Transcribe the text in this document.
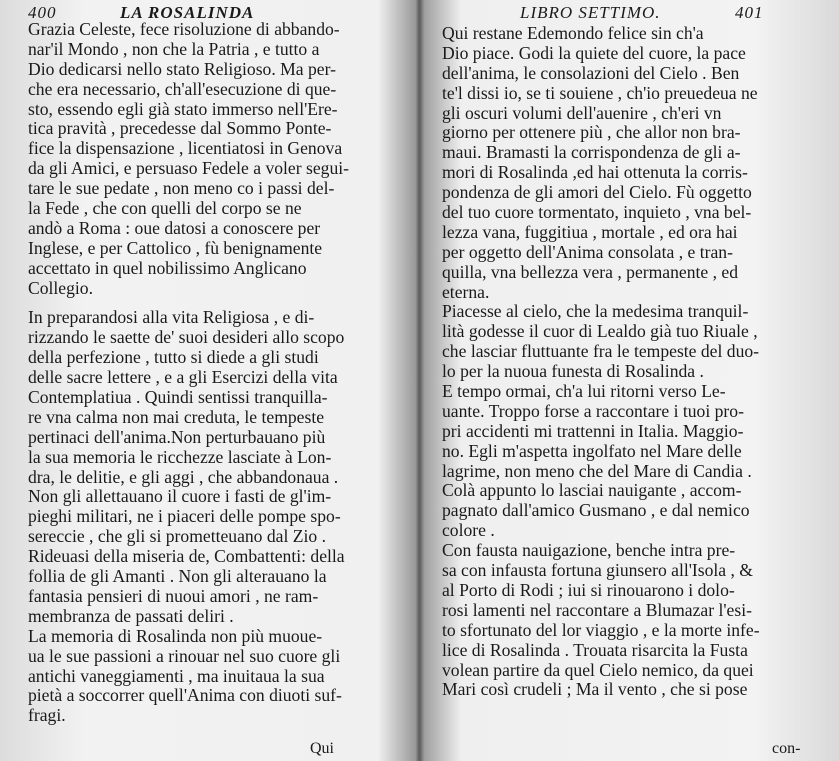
400	LA ROSALINDA
Grazia Celeste, fece risoluzione di abbando-
nar'il Mondo , non che la Patria , e tutto a
Dio dedicarsi nello stato Religioso. Ma per-
che era necessario, ch'all'esecuzione di que-
sto, essendo egli già stato immerso nell'Ere-
tica pravità , precedesse dal Sommo Ponte-
fice la dispensazione , licentiatosi in Genova
da gli Amici, e persuaso Fedele a voler segui-
tare le sue pedate , non meno co i passi del-
la Fede , che con quelli del corpo se ne
andò a Roma : oue datosi a conoscere per
Inglese, e per Cattolico , fù benignamente
accettato in quel nobilissimo Anglicano
Collegio.
In preparandosi alla vita Religiosa , e di-
rizzando le saette de' suoi desideri allo scopo
della perfezione , tutto si diede a gli studi
delle sacre lettere , e a gli Esercizi della vita
Contemplatiua . Quindi sentissi tranquilla-
re vna calma non mai creduta, le tempeste
pertinaci dell'anima.Non perturbauano più
la sua memoria le ricchezze lasciate à Lon-
dra, le delitie, e gli aggi , che abbandonaua .
Non gli allettauano il cuore i fasti de gl'im-
pieghi militari, ne i piaceri delle pompe spo-
sereccie , che gli si prometteuano dal Zio .
Rideuasi della miseria de, Combattenti: della
follia de gli Amanti . Non gli alterauano la
fantasia pensieri di nuoui amori , ne ram-
membranza de passati deliri .
La memoria di Rosalinda non più muoue-
ua le sue passioni a rinouar nel suo cuore gli
antichi vaneggiamenti , ma inuitaua la sua
pietà a soccorrer quell'Anima con diuoti suf-
fragi.
Qui
LIBRO SETTIMO.	401
Qui restane Edemondo felice sin ch'a
Dio piace. Godi la quiete del cuore, la pace
dell'anima, le consolazioni del Cielo . Ben
te'l dissi io, se ti souiene , ch'io preuedeua ne
gli oscuri volumi dell'auenire , ch'eri vn
giorno per ottenere più , che allor non bra-
maui. Bramasti la corrispondenza de gli a-
mori di Rosalinda ,ed hai ottenuta la corris-
pondenza de gli amori del Cielo. Fù oggetto
del tuo cuore tormentato, inquieto , vna bel-
lezza vana, fuggitiua , mortale , ed ora hai
per oggetto dell'Anima consolata , e tran-
quilla, vna bellezza vera , permanente , ed
eterna.
Piacesse al cielo, che la medesima tranquil-
lità godesse il cuor di Lealdo già tuo Riuale ,
che lasciar fluttuante fra le tempeste del duo-
lo per la nuoua funesta di Rosalinda .
E tempo ormai, ch'a lui ritorni verso Le-
uante. Troppo forse a raccontare i tuoi pro-
pri accidenti mi trattenni in Italia. Maggio-
no. Egli m'aspetta ingolfato nel Mare delle
lagrime, non meno che del Mare di Candia .
Colà appunto lo lasciai nauigante , accom-
pagnato dall'amico Gusmano , e dal nemico
colore .
Con fausta nauigazione, benche intra pre-
sa con infausta fortuna giunsero all'Isola , &
al Porto di Rodi ; iui si rinouarono i dolo-
rosi lamenti nel raccontare a Blumazar l'esi-
to sfortunato del lor viaggio , e la morte infe-
lice di Rosalinda . Trouata risarcita la Fusta
volean partire da quel Cielo nemico, da quei
Mari così crudeli ; Ma il vento , che si pose
con-
